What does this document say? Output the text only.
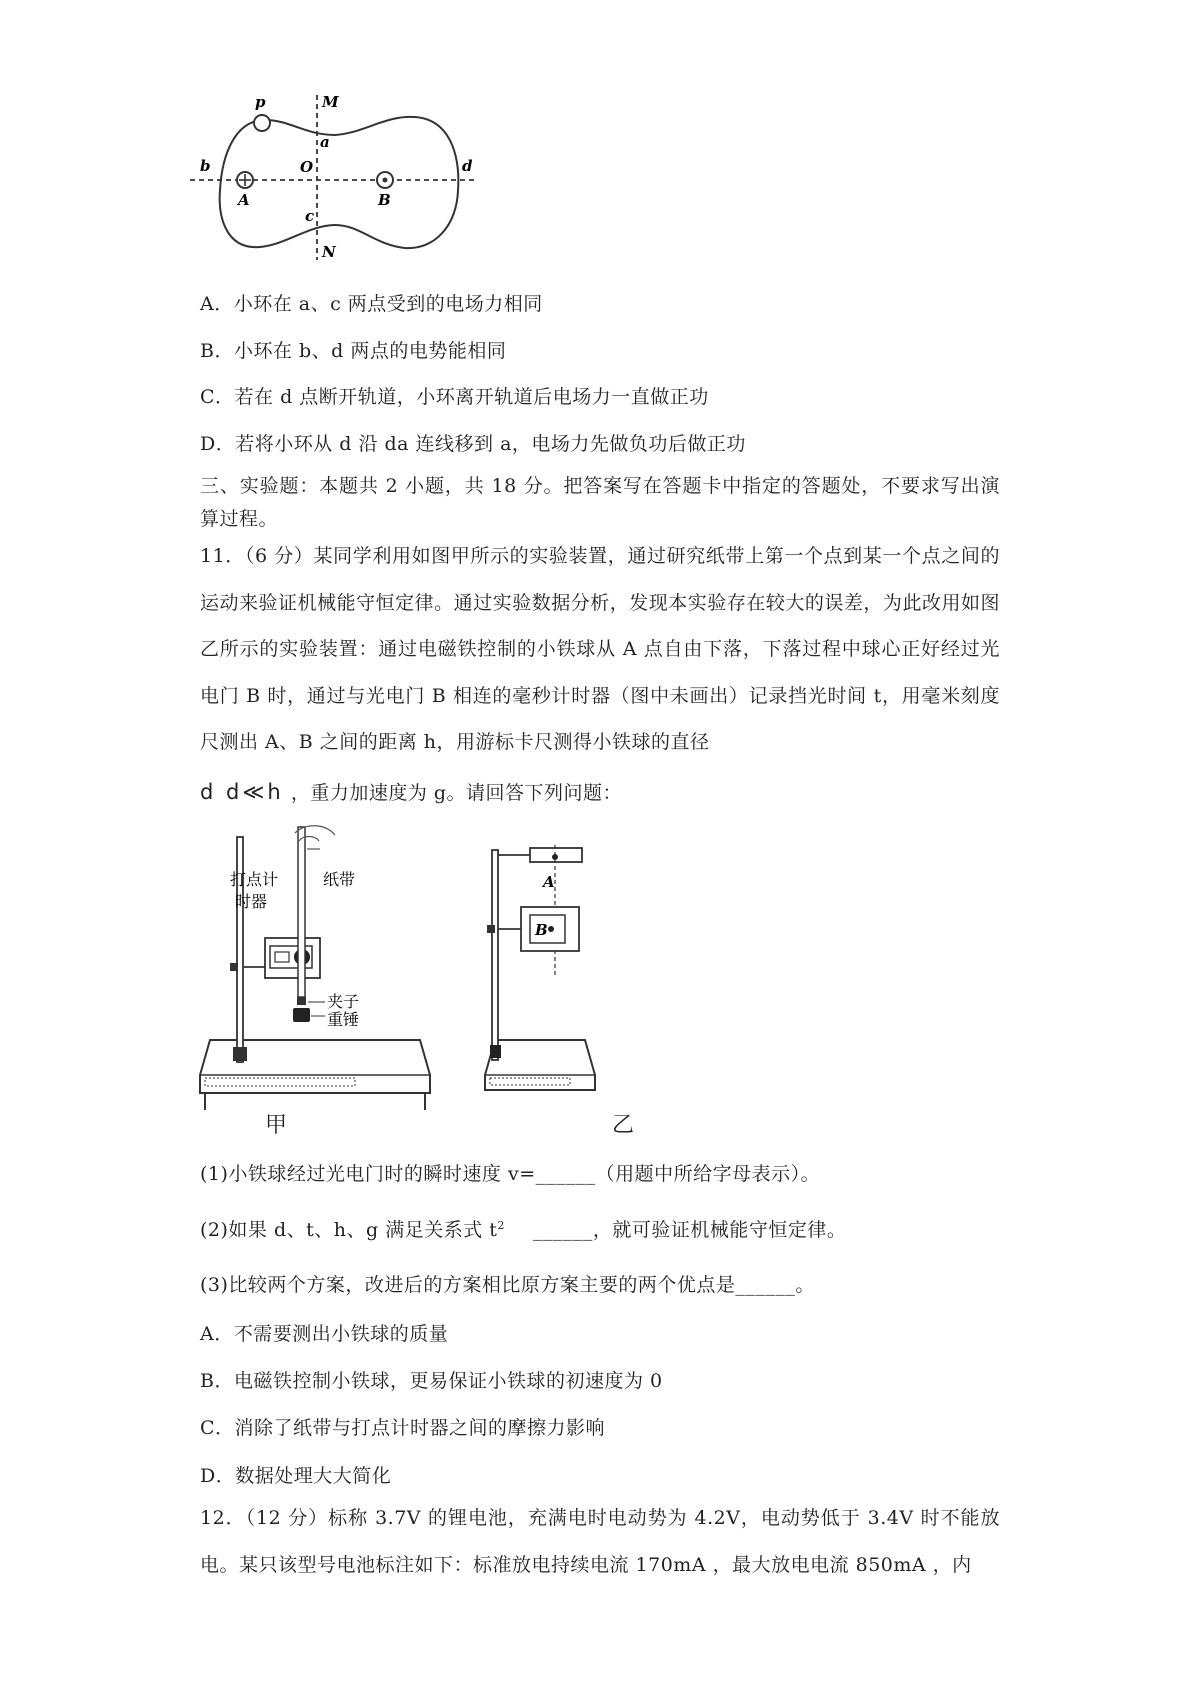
p	M
a
b	O	d
A	B
c
N
A．小环在 a、c 两点受到的电场力相同
B．小环在 b、d 两点的电势能相同
C．若在 d 点断开轨道，小环离开轨道后电场力一直做正功
D．若将小环从 d 沿 da 连线移到 a，电场力先做负功后做正功
三、实验题：本题共 2 小题，共 18 分。把答案写在答题卡中指定的答题处，不要求写出演算过程。
11．（6 分）某同学利用如图甲所示的实验装置，通过研究纸带上第一个点到某一个点之间的运动来验证机械能守恒定律。通过实验数据分析，发现本实验存在较大的误差，为此改用如图乙所示的实验装置：通过电磁铁控制的小铁球从 A 点自由下落，下落过程中球心正好经过光电门 B 时，通过与光电门 B 相连的毫秒计时器（图中未画出）记录挡光时间 t，用毫米刻度尺测出 A、B 之间的距离 h，用游标卡尺测得小铁球的直径
d d≪h ，重力加速度为 g。请回答下列问题：
打点计
时器
纸带
夹子
重锤
甲
A
B
乙
(1)小铁球经过光电门时的瞬时速度 v=______（用题中所给字母表示）。
(2)如果 d、t、h、g 满足关系式 $t^2$ ______，就可验证机械能守恒定律。
(3)比较两个方案，改进后的方案相比原方案主要的两个优点是______。
A．不需要测出小铁球的质量
B．电磁铁控制小铁球，更易保证小铁球的初速度为 0
C．消除了纸带与打点计时器之间的摩擦力影响
D．数据处理大大简化
12．（12 分）标称 3.7V 的锂电池，充满电时电动势为 4.2V，电动势低于 3.4V 时不能放电。某只该型号电池标注如下：标准放电持续电流 170mA ，最大放电电流 850mA ，内
